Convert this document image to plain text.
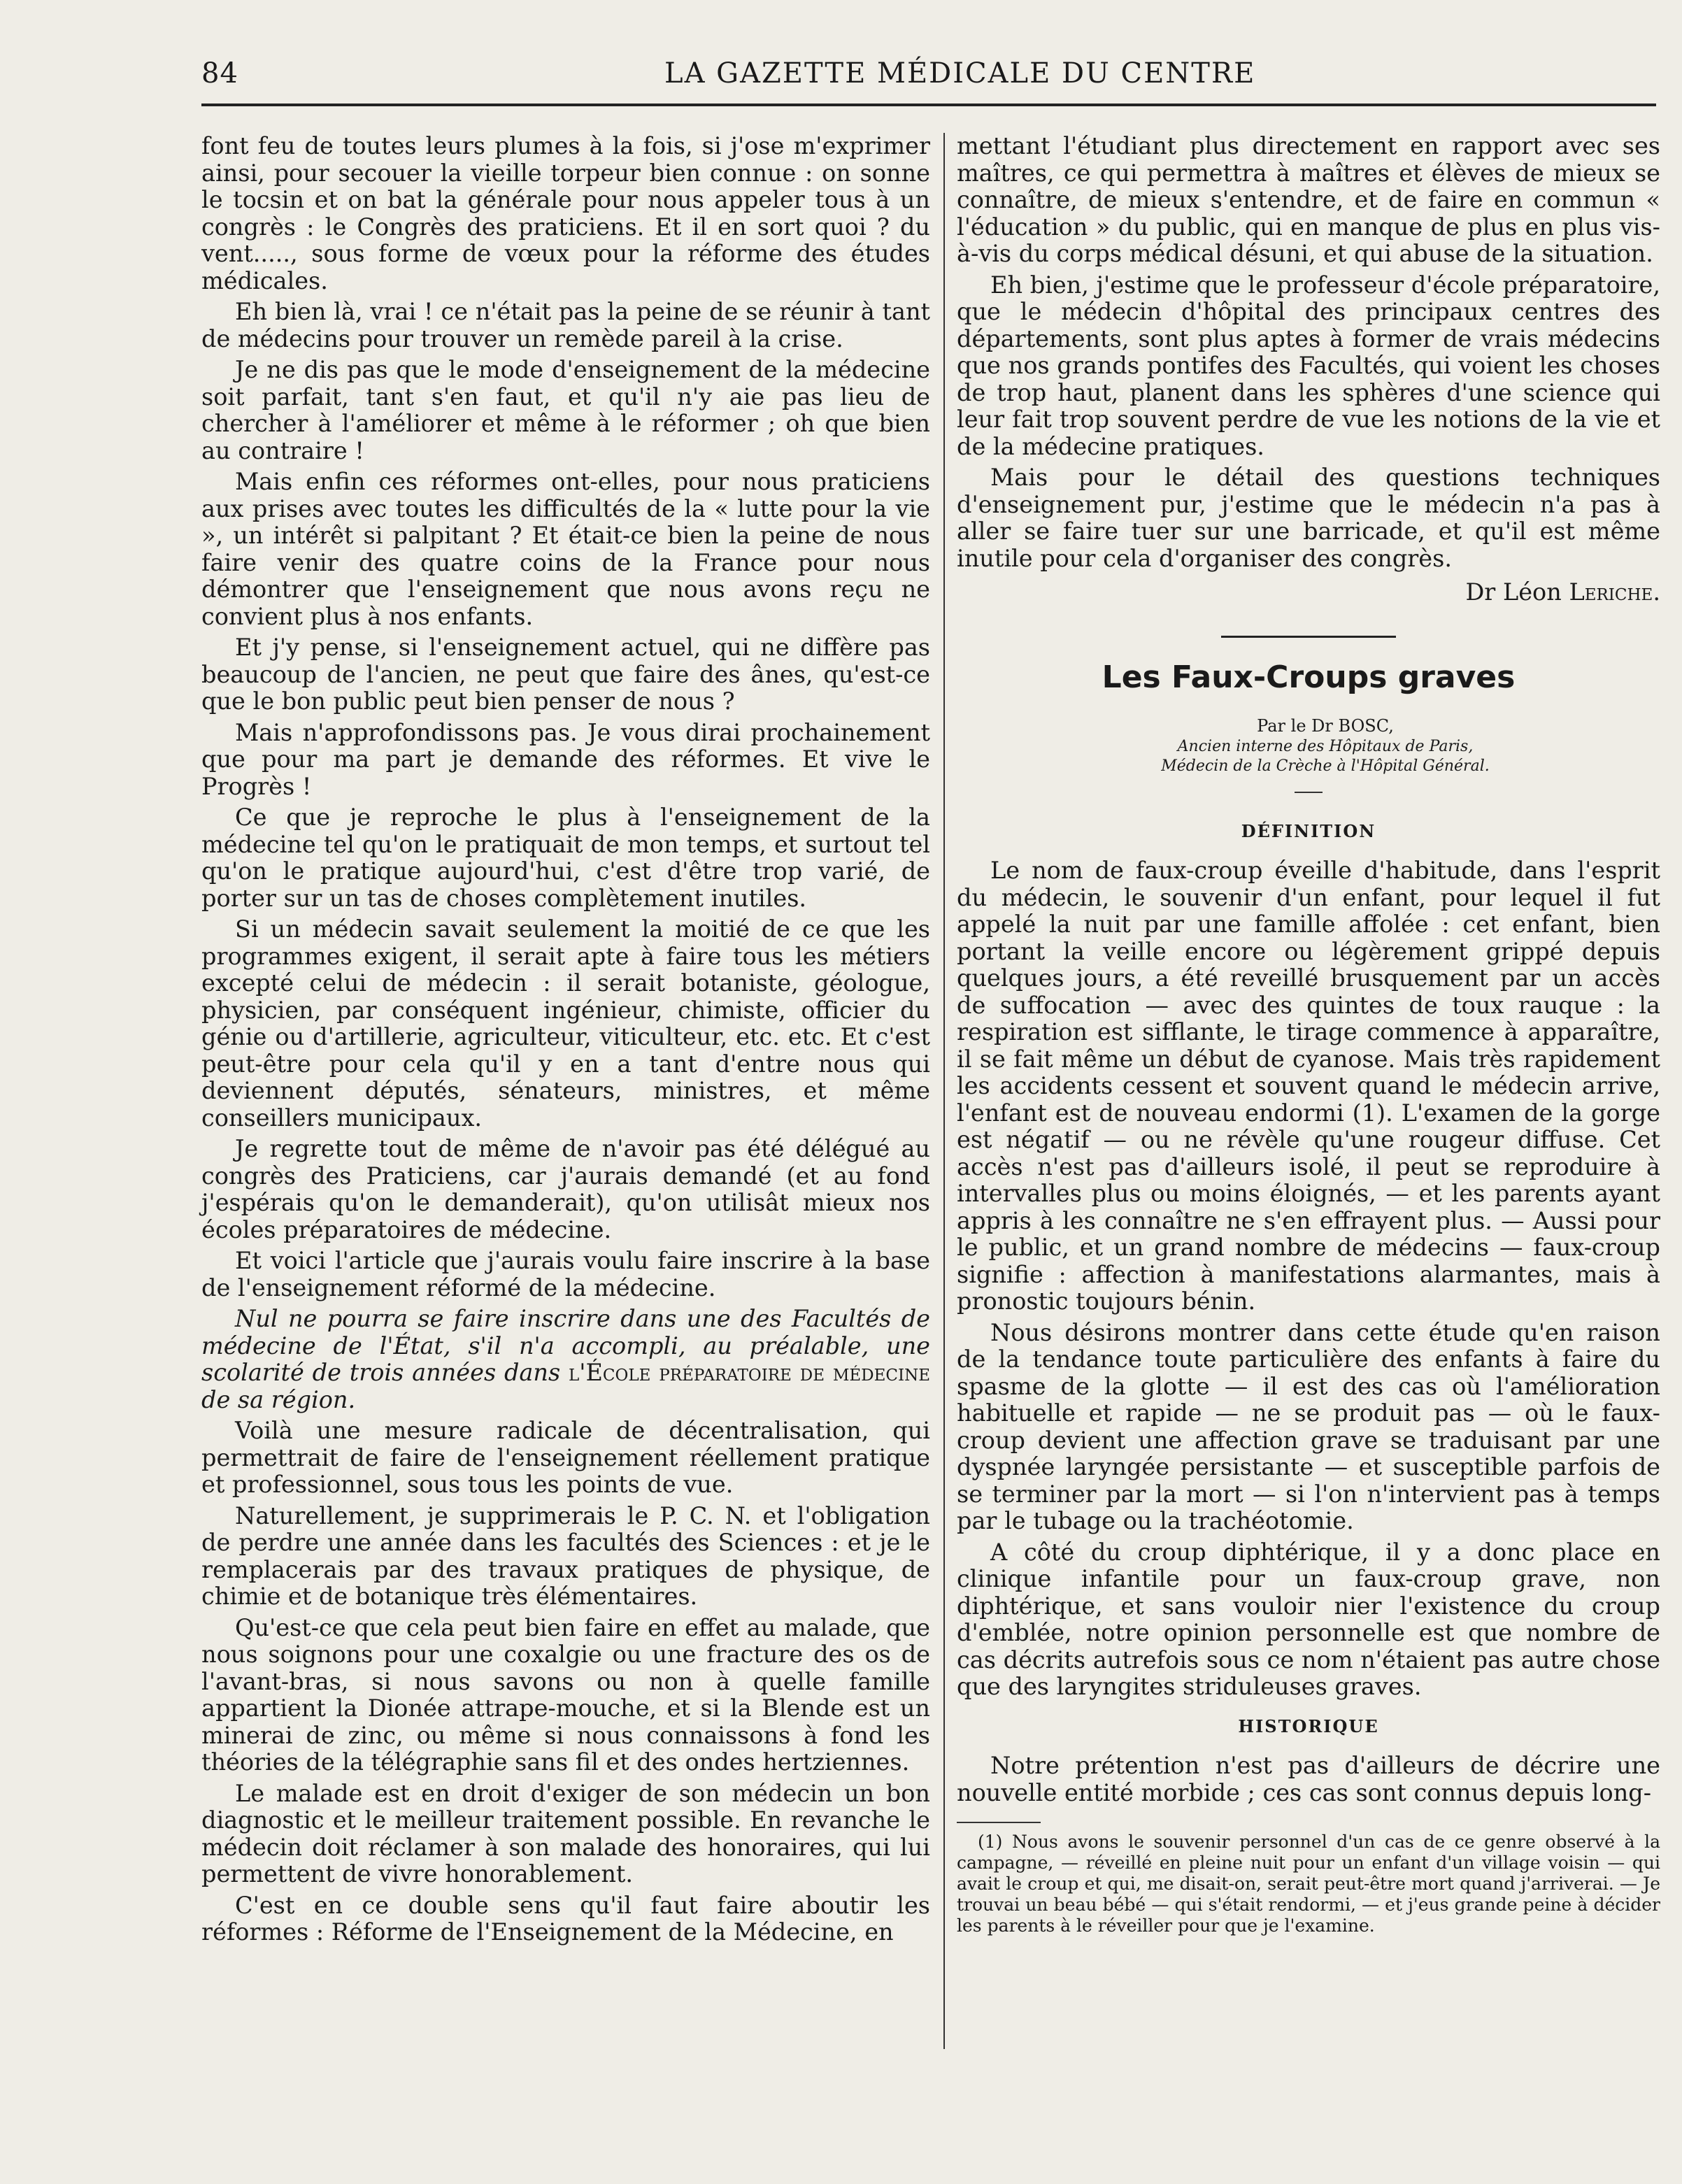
84	LA GAZETTE MÉDICALE DU CENTRE

font feu de toutes leurs plumes à la fois, si j'ose m'exprimer ainsi, pour secouer la vieille torpeur bien connue : on sonne le tocsin et on bat la générale pour nous appeler tous à un congrès : le Congrès des praticiens. Et il en sort quoi ? du vent....., sous forme de vœux pour la réforme des études médicales.

Eh bien là, vrai ! ce n'était pas la peine de se réunir à tant de médecins pour trouver un remède pareil à la crise.

Je ne dis pas que le mode d'enseignement de la médecine soit parfait, tant s'en faut, et qu'il n'y aie pas lieu de chercher à l'améliorer et même à le réformer ; oh que bien au contraire !

Mais enfin ces réformes ont-elles, pour nous praticiens aux prises avec toutes les difficultés de la « lutte pour la vie », un intérêt si palpitant ? Et était-ce bien la peine de nous faire venir des quatre coins de la France pour nous démontrer que l'enseignement que nous avons reçu ne convient plus à nos enfants.

Et j'y pense, si l'enseignement actuel, qui ne diffère pas beaucoup de l'ancien, ne peut que faire des ânes, qu'est-ce que le bon public peut bien penser de nous ?

Mais n'approfondissons pas. Je vous dirai prochainement que pour ma part je demande des réformes. Et vive le Progrès !

Ce que je reproche le plus à l'enseignement de la médecine tel qu'on le pratiquait de mon temps, et surtout tel qu'on le pratique aujourd'hui, c'est d'être trop varié, de porter sur un tas de choses complètement inutiles.

Si un médecin savait seulement la moitié de ce que les programmes exigent, il serait apte à faire tous les métiers excepté celui de médecin : il serait botaniste, géologue, physicien, par conséquent ingénieur, chimiste, officier du génie ou d'artillerie, agriculteur, viticulteur, etc. etc. Et c'est peut-être pour cela qu'il y en a tant d'entre nous qui deviennent députés, sénateurs, ministres, et même conseillers municipaux.

Je regrette tout de même de n'avoir pas été délégué au congrès des Praticiens, car j'aurais demandé (et au fond j'espérais qu'on le demanderait), qu'on utilisât mieux nos écoles préparatoires de médecine.

Et voici l'article que j'aurais voulu faire inscrire à la base de l'enseignement réformé de la médecine.

Nul ne pourra se faire inscrire dans une des Facultés de médecine de l'État, s'il n'a accompli, au préalable, une scolarité de trois années dans l'École préparatoire de médecine de sa région.

Voilà une mesure radicale de décentralisation, qui permettrait de faire de l'enseignement réellement pratique et professionnel, sous tous les points de vue.

Naturellement, je supprimerais le P. C. N. et l'obligation de perdre une année dans les facultés des Sciences : et je le remplacerais par des travaux pratiques de physique, de chimie et de botanique très élémentaires.

Qu'est-ce que cela peut bien faire en effet au malade, que nous soignons pour une coxalgie ou une fracture des os de l'avant-bras, si nous savons ou non à quelle famille appartient la Dionée attrape-mouche, et si la Blende est un minerai de zinc, ou même si nous connaissons à fond les théories de la télégraphie sans fil et des ondes hertziennes.

Le malade est en droit d'exiger de son médecin un bon diagnostic et le meilleur traitement possible. En revanche le médecin doit réclamer à son malade des honoraires, qui lui permettent de vivre honorablement.

C'est en ce double sens qu'il faut faire aboutir les réformes : Réforme de l'Enseignement de la Médecine, en

mettant l'étudiant plus directement en rapport avec ses maîtres, ce qui permettra à maîtres et élèves de mieux se connaître, de mieux s'entendre, et de faire en commun « l'éducation » du public, qui en manque de plus en plus vis-à-vis du corps médical désuni, et qui abuse de la situation.

Eh bien, j'estime que le professeur d'école préparatoire, que le médecin d'hôpital des principaux centres des départements, sont plus aptes à former de vrais médecins que nos grands pontifes des Facultés, qui voient les choses de trop haut, planent dans les sphères d'une science qui leur fait trop souvent perdre de vue les notions de la vie et de la médecine pratiques.

Mais pour le détail des questions techniques d'enseignement pur, j'estime que le médecin n'a pas à aller se faire tuer sur une barricade, et qu'il est même inutile pour cela d'organiser des congrès.

Dr Léon Leriche.

Les Faux-Croups graves

Par le Dr BOSC,

Ancien interne des Hôpitaux de Paris,

Médecin de la Crèche à l'Hôpital Général.

DÉFINITION

Le nom de faux-croup éveille d'habitude, dans l'esprit du médecin, le souvenir d'un enfant, pour lequel il fut appelé la nuit par une famille affolée : cet enfant, bien portant la veille encore ou légèrement grippé depuis quelques jours, a été reveillé brusquement par un accès de suffocation — avec des quintes de toux rauque : la respiration est sifflante, le tirage commence à apparaître, il se fait même un début de cyanose. Mais très rapidement les accidents cessent et souvent quand le médecin arrive, l'enfant est de nouveau endormi (1). L'examen de la gorge est négatif — ou ne révèle qu'une rougeur diffuse. Cet accès n'est pas d'ailleurs isolé, il peut se reproduire à intervalles plus ou moins éloignés, — et les parents ayant appris à les connaître ne s'en effrayent plus. — Aussi pour le public, et un grand nombre de médecins — faux-croup signifie : affection à manifestations alarmantes, mais à pronostic toujours bénin.

Nous désirons montrer dans cette étude qu'en raison de la tendance toute particulière des enfants à faire du spasme de la glotte — il est des cas où l'amélioration habituelle et rapide — ne se produit pas — où le faux-croup devient une affection grave se traduisant par une dyspnée laryngée persistante — et susceptible parfois de se terminer par la mort — si l'on n'intervient pas à temps par le tubage ou la trachéotomie.

A côté du croup diphtérique, il y a donc place en clinique infantile pour un faux-croup grave, non diphtérique, et sans vouloir nier l'existence du croup d'emblée, notre opinion personnelle est que nombre de cas décrits autrefois sous ce nom n'étaient pas autre chose que des laryngites striduleuses graves.

HISTORIQUE

Notre prétention n'est pas d'ailleurs de décrire une nouvelle entité morbide ; ces cas sont connus depuis long-

(1) Nous avons le souvenir personnel d'un cas de ce genre observé à la campagne, — réveillé en pleine nuit pour un enfant d'un village voisin — qui avait le croup et qui, me disait-on, serait peut-être mort quand j'arriverai. — Je trouvai un beau bébé — qui s'était rendormi, — et j'eus grande peine à décider les parents à le réveiller pour que je l'examine.
